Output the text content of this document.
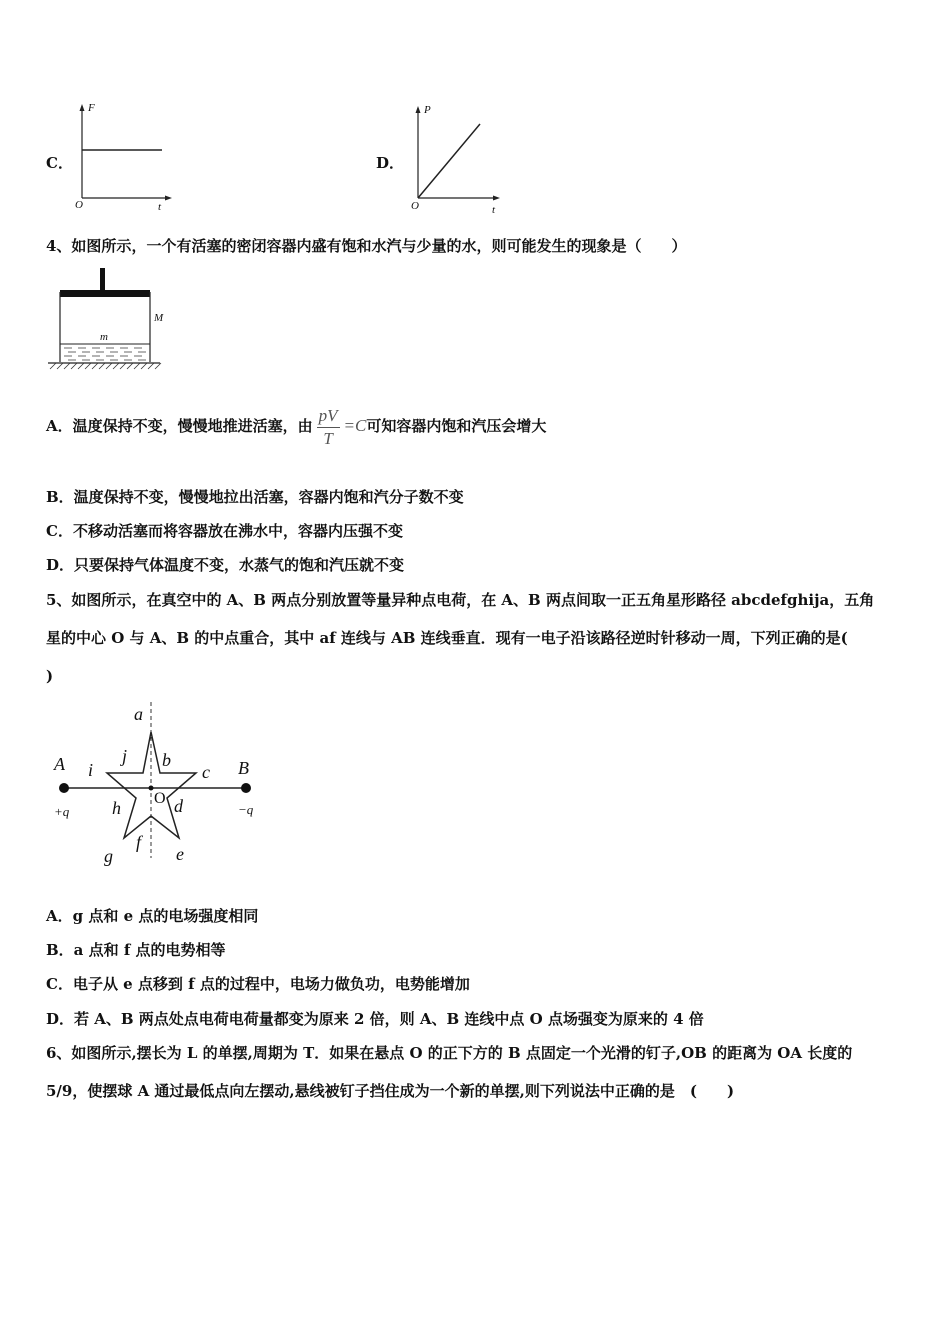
C．
F
O	t
D．
P
O	t
4、如图所示，一个有活塞的密闭容器内盛有饱和水汽与少量的水，则可能发生的现象是（　　）
M
m
A．温度保持不变，慢慢地推进活塞，由 $\frac{pV}{T} =C$可知容器内饱和汽压会增大
B．温度保持不变，慢慢地拉出活塞，容器内饱和汽分子数不变
C．不移动活塞而将容器放在沸水中，容器内压强不变
D．只要保持气体温度不变，水蒸气的饱和汽压就不变
5、如图所示，在真空中的 A、B 两点分别放置等量异种点电荷，在 A、B 两点间取一正五角星形路径 abcdefghija，五角
星的中心 O 与 A、B 的中点重合，其中 af 连线与 AB 连线垂直．现有一电子沿该路径逆时针移动一周，下列正确的是(
)
A
+q
B
−q
a
b
c
d
e
f
g
h
i
j
O
A．g 点和 e 点的电场强度相同
B．a 点和 f 点的电势相等
C．电子从 e 点移到 f 点的过程中，电场力做负功，电势能增加
D．若 A、B 两点处点电荷电荷量都变为原来 2 倍，则 A、B 连线中点 O 点场强变为原来的 4 倍
6、如图所示,摆长为 L 的单摆,周期为 T．如果在悬点 O 的正下方的 B 点固定一个光滑的钉子,OB 的距离为 OA 长度的
5/9，使摆球 A 通过最低点向左摆动,悬线被钉子挡住成为一个新的单摆,则下列说法中正确的是　(　　)
